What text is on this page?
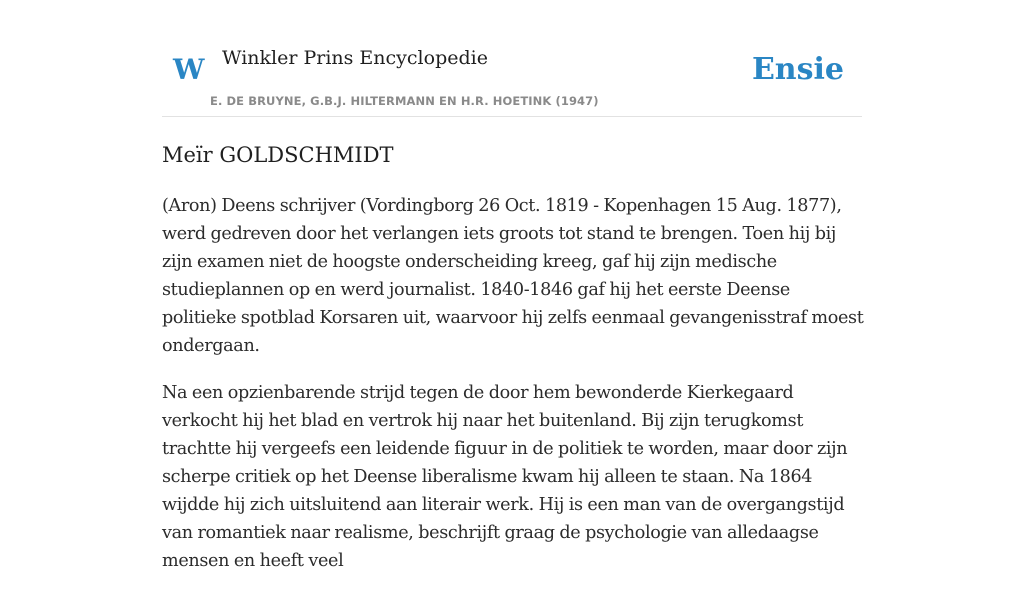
W Winkler Prins Encyclopedie
E. DE BRUYNE, G.B.J. HILTERMANN EN H.R. HOETINK (1947)
Ensie
Meïr GOLDSCHMIDT

(Aron) Deens schrijver (Vordingborg 26 Oct. 1819 - Kopenhagen 15 Aug. 1877), werd gedreven door het verlangen iets groots tot stand te brengen. Toen hij bij zijn examen niet de hoogste onderscheiding kreeg, gaf hij zijn medische studieplannen op en werd journalist. 1840-1846 gaf hij het eerste Deense politieke spotblad Korsaren uit, waarvoor hij zelfs eenmaal gevangenisstraf moest ondergaan.

Na een opzienbarende strijd tegen de door hem bewonderde Kierkegaard verkocht hij het blad en vertrok hij naar het buitenland. Bij zijn terugkomst trachtte hij vergeefs een leidende figuur in de politiek te worden, maar door zijn scherpe critiek op het Deense liberalisme kwam hij alleen te staan. Na 1864 wijdde hij zich uitsluitend aan literair werk. Hij is een man van de overgangstijd van romantiek naar realisme, beschrijft graag de psychologie van alledaagse mensen en heeft veel
